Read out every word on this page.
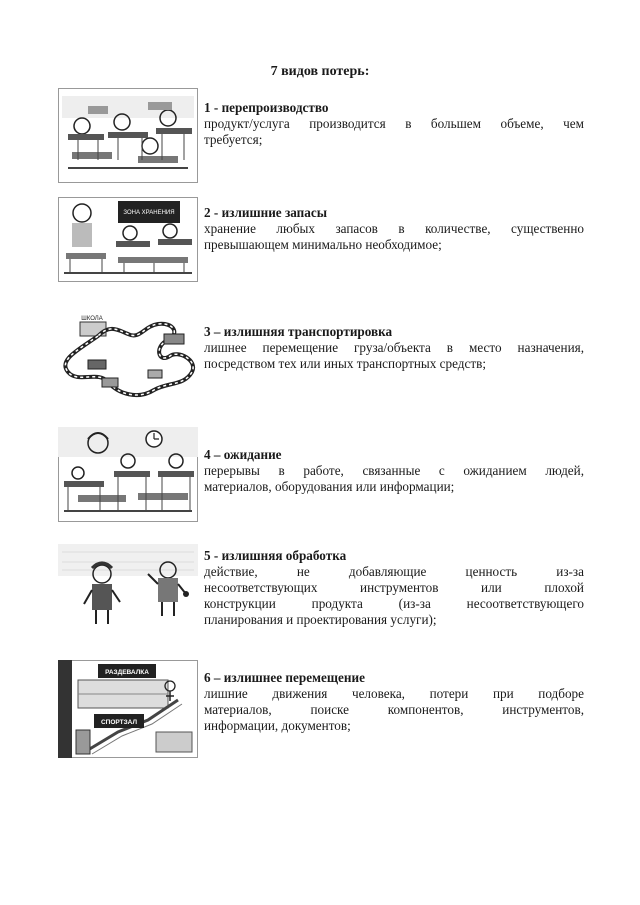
7 видов потерь:
1 - перепроизводство
продукт/услуга производится в большем объеме, чем
требуется;
ЗОНА ХРАНЕНИЯ 2 - излишние запасы
хранение любых запасов в количестве, существенно
превышающем минимально необходимое;
ШКОЛА
3 – излишняя транспортировка
лишнее перемещение груза/объекта в место назначения,
посредством тех или иных транспортных средств;
4 – ожидание
перерывы в работе, связанные с ожиданием людей,
материалов, оборудования или информации;
5 - излишняя обработка
действие, не добавляющие ценность из-за
несоответствующих инструментов или плохой
конструкции продукта (из-за несоответствующего
планирования и проектирования услуги);
РАЗДЕВАЛКА
СПОРТЗАЛ
6 – излишнее перемещение
лишние движения человека, потери при подборе
материалов, поиске компонентов, инструментов,
информации, документов;
